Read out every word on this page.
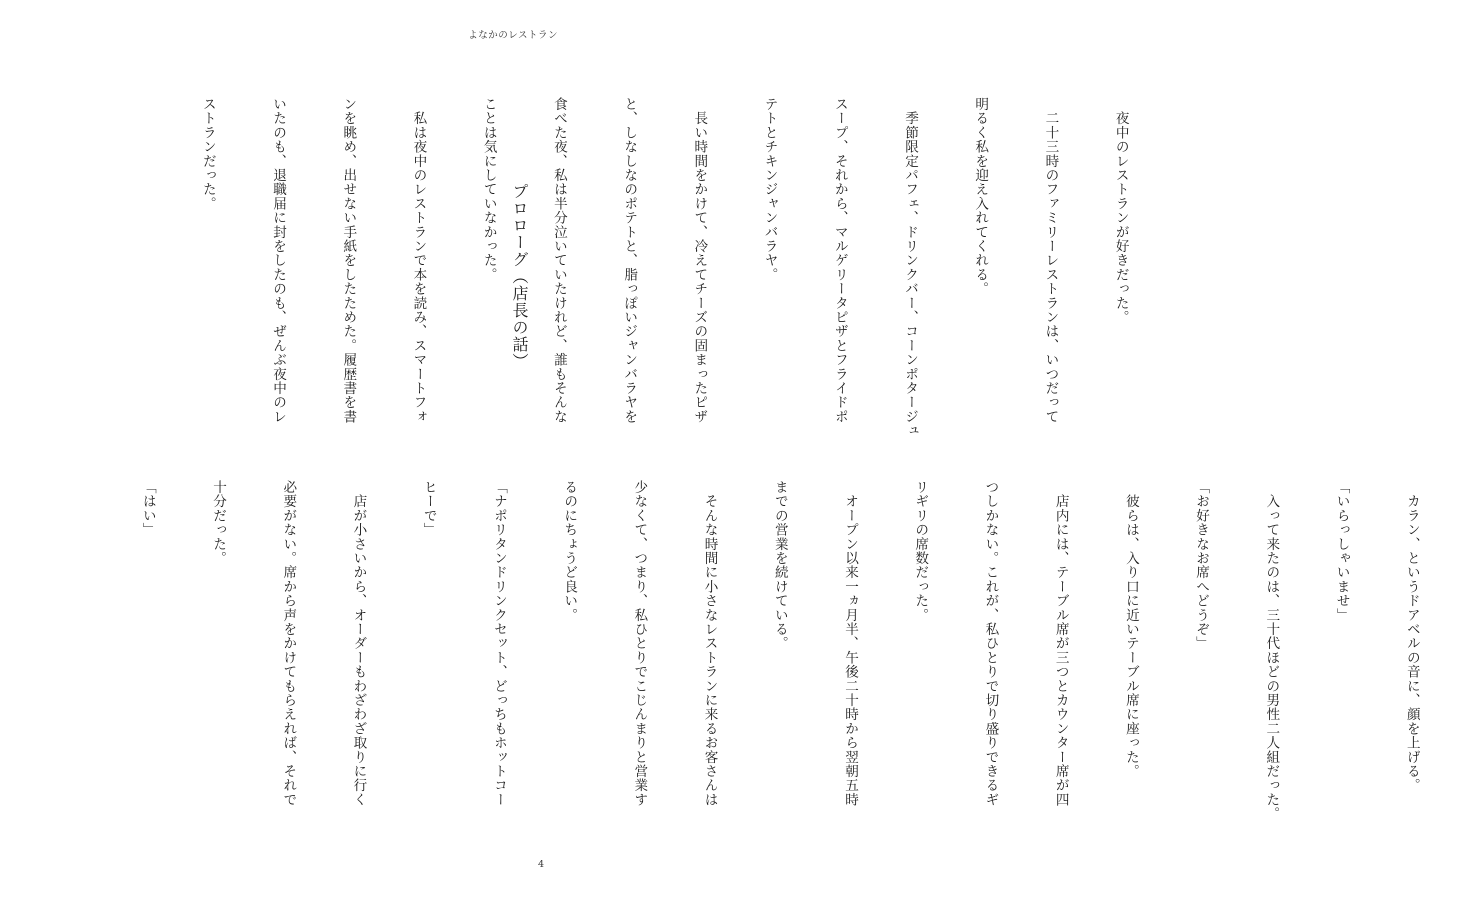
よなかのレストラン
プロローグ（店長の話）

	　夜中のレストランが好きだった。

　二十三時のファミリーレストランは、いつだって

明るく私を迎え入れてくれる。

　季節限定パフェ、ドリンクバー、コーンポタージュ

スープ、それから、マルゲリータピザとフライドポ

テトとチキンジャンバラヤ。

　長い時間をかけて、冷えてチーズの固まったピザ

と、しなしなのポテトと、脂っぽいジャンバラヤを

食べた夜、私は半分泣いていたけれど、誰もそんな

ことは気にしていなかった。

　私は夜中のレストランで本を読み、スマートフォ

ンを眺め、出せない手紙をしたためた。履歴書を書

いたのも、退職届に封をしたのも、ぜんぶ夜中のレ

ストランだった。

　カラン、というドアベルの音に、顔を上げる。

「いらっしゃいませ」

　入って来たのは、三十代ほどの男性二人組だった。

「お好きなお席へどうぞ」

　彼らは、入り口に近いテーブル席に座った。

　店内には、テーブル席が三つとカウンター席が四

つしかない。これが、私ひとりで切り盛りできるギ

リギリの席数だった。

　オープン以来一ヵ月半、午後二十時から翌朝五時

までの営業を続けている。

　そんな時間に小さなレストランに来るお客さんは

少なくて、つまり、私ひとりでこじんまりと営業す

るのにちょうど良い。

「ナポリタンドリンクセット、どっちもホットコー

ヒーで」

　店が小さいから、オーダーもわざわざ取りに行く

必要がない。席から声をかけてもらえれば、それで

十分だった。

「はい」

4
